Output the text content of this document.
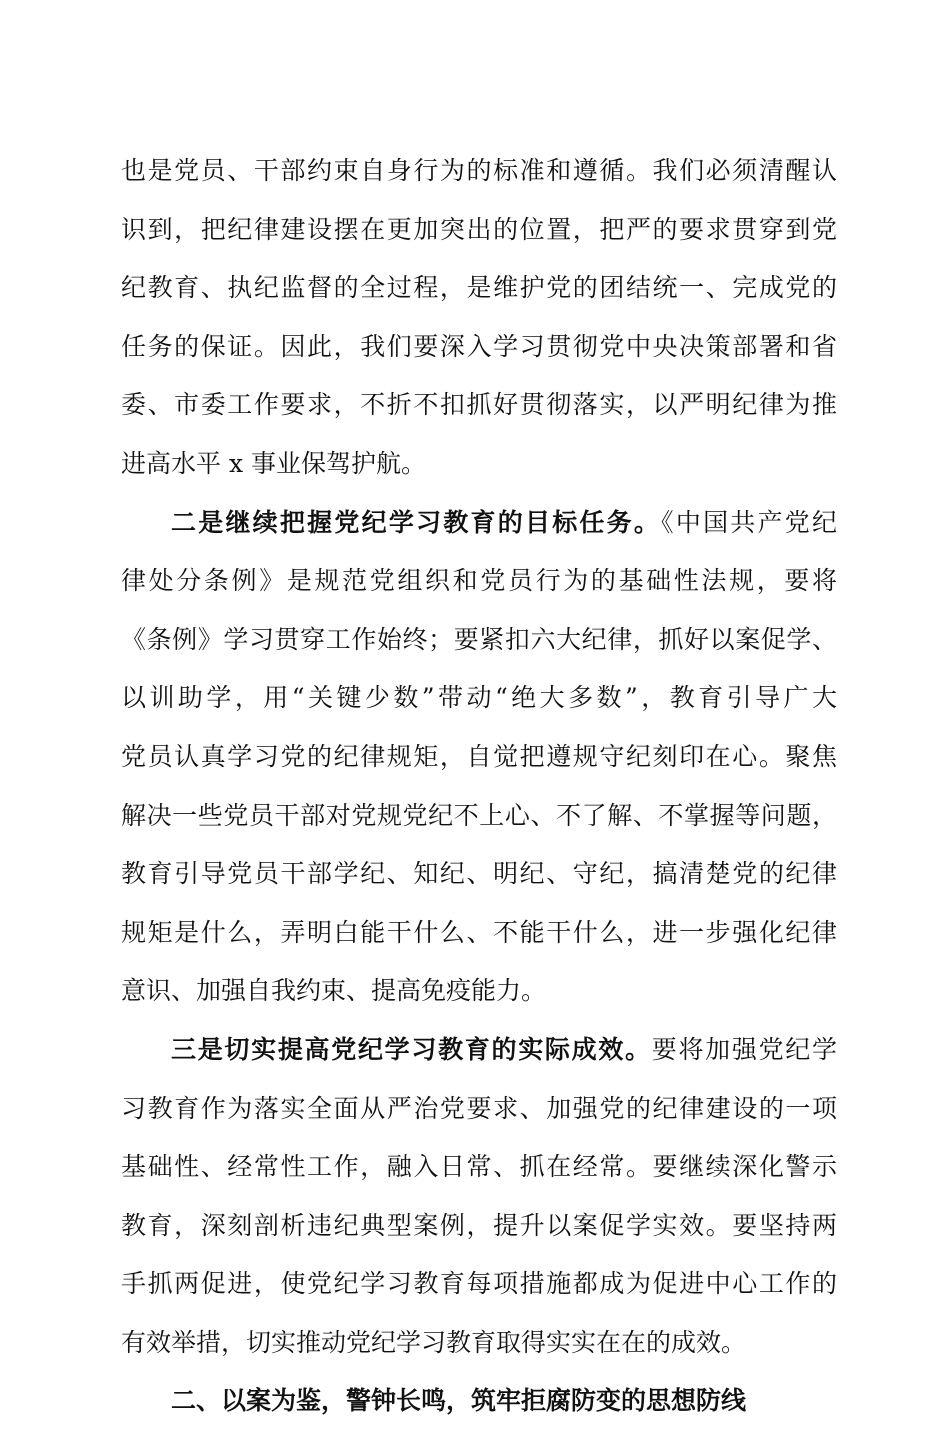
也是党员、干部约束自身行为的标准和遵循。我们必须清醒认
识到，把纪律建设摆在更加突出的位置，把严的要求贯穿到党
纪教育、执纪监督的全过程，是维护党的团结统一、完成党的
任务的保证。因此，我们要深入学习贯彻党中央决策部署和省
委、市委工作要求，不折不扣抓好贯彻落实，以严明纪律为推
进高水平 x 事业保驾护航。
二是继续把握党纪学习教育的目标任务。《中国共产党纪
律处分条例》是规范党组织和党员行为的基础性法规，要将
《条例》学习贯穿工作始终；要紧扣六大纪律，抓好以案促学、
以训助学，用“关键少数”带动“绝大多数”，教育引导广大
党员认真学习党的纪律规矩，自觉把遵规守纪刻印在心。聚焦
解决一些党员干部对党规党纪不上心、不了解、不掌握等问题，
教育引导党员干部学纪、知纪、明纪、守纪，搞清楚党的纪律
规矩是什么，弄明白能干什么、不能干什么，进一步强化纪律
意识、加强自我约束、提高免疫能力。
三是切实提高党纪学习教育的实际成效。要将加强党纪学
习教育作为落实全面从严治党要求、加强党的纪律建设的一项
基础性、经常性工作，融入日常、抓在经常。要继续深化警示
教育，深刻剖析违纪典型案例，提升以案促学实效。要坚持两
手抓两促进，使党纪学习教育每项措施都成为促进中心工作的
有效举措，切实推动党纪学习教育取得实实在在的成效。
二、以案为鉴，警钟长鸣，筑牢拒腐防变的思想防线
